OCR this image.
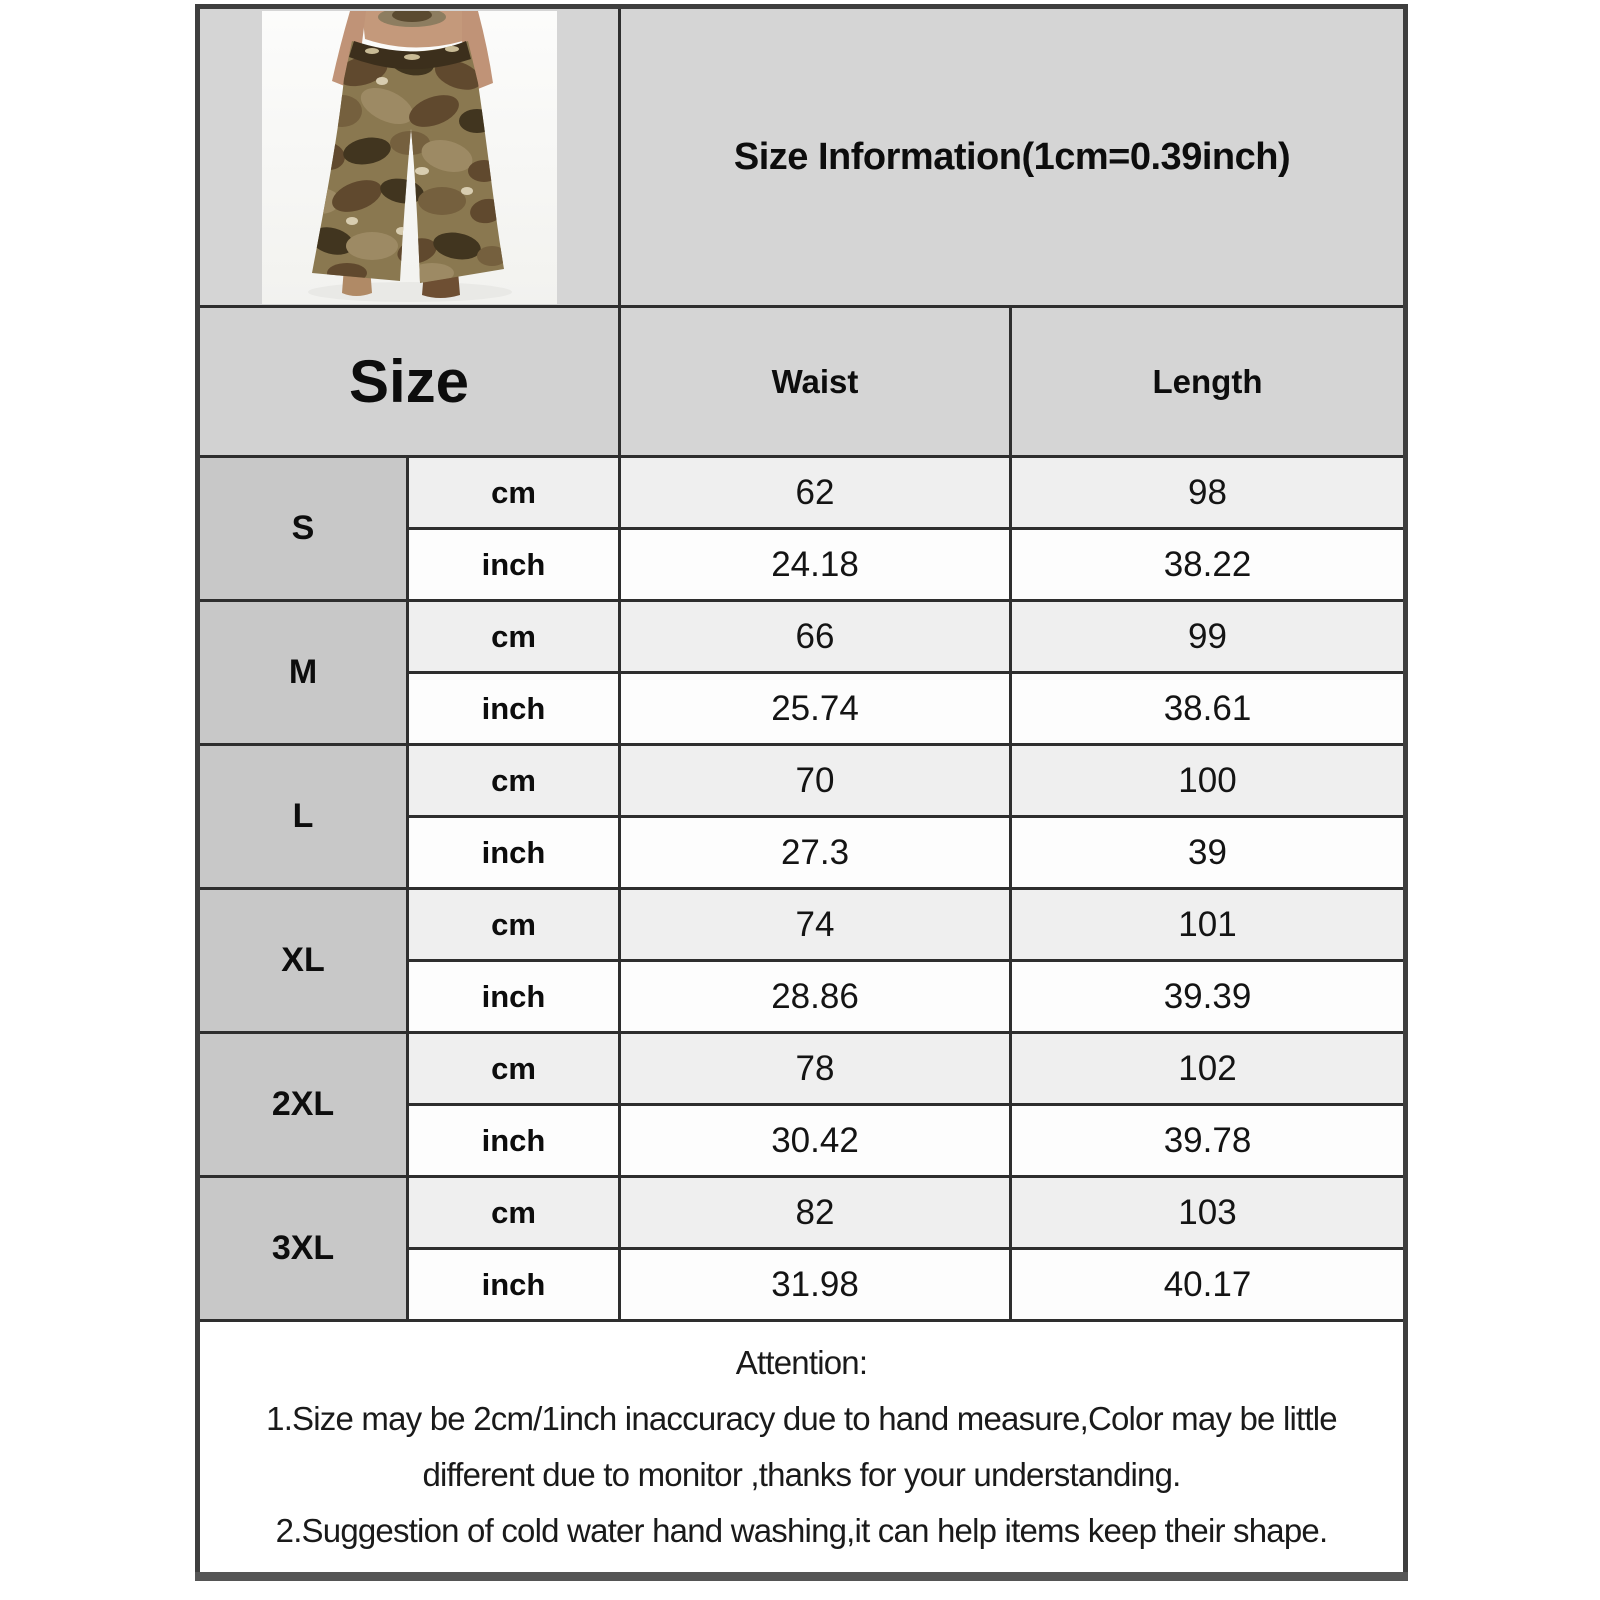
	Size Information(1cm=0.39inch)	
Size		Waist	Length
S	cm	62	98
	inch	24.18	38.22
M	cm	66	99
	inch	25.74	38.61
L	cm	70	100
	inch	27.3	39
XL	cm	74	101
	inch	28.86	39.39
2XL	cm	78	102
	inch	30.42	39.78
3XL	cm	82	103
	inch	31.98	40.17

Attention:
1.Size may be 2cm/1inch inaccuracy due to hand measure,Color may be little
different due to monitor ,thanks for your understanding.
2.Suggestion of cold water hand washing,it can help items keep their shape.			
